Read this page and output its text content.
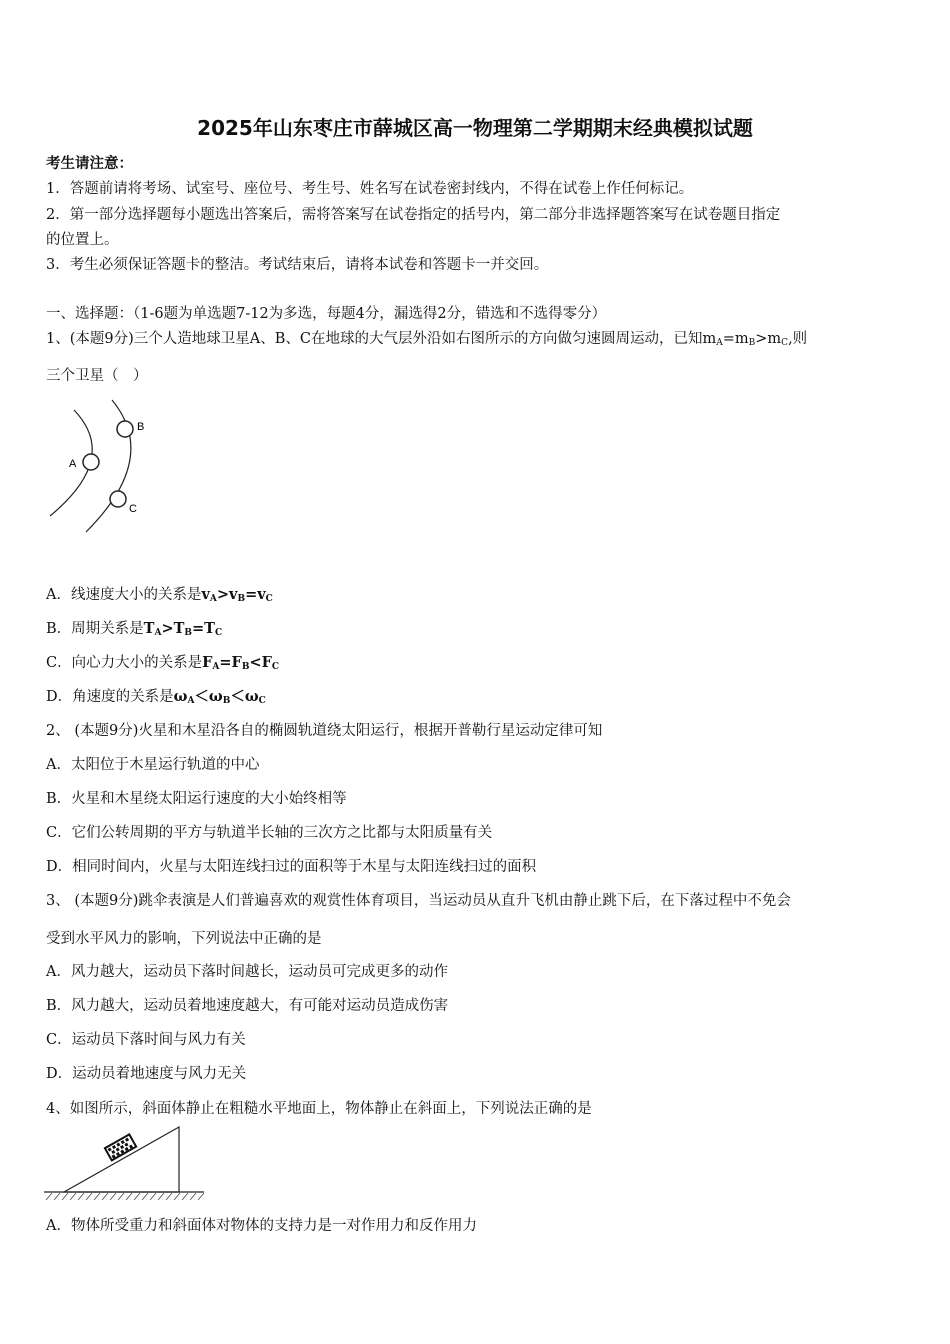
2025年山东枣庄市薛城区高一物理第二学期期末经典模拟试题
考生请注意：
1．答题前请将考场、试室号、座位号、考生号、姓名写在试卷密封线内，不得在试卷上作任何标记。
2．第一部分选择题每小题选出答案后，需将答案写在试卷指定的括号内，第二部分非选择题答案写在试卷题目指定
的位置上。
3．考生必须保证答题卡的整洁。考试结束后，请将本试卷和答题卡一并交回。
一、选择题：（1-6题为单选题7-12为多选，每题4分，漏选得2分，错选和不选得零分）
1、(本题9分)三个人造地球卫星A、B、C在地球的大气层外沿如右图所示的方向做匀速圆周运动，已知$m_A=m_B>m_C$,则
三个卫星（　）
A
B
C
A．线速度大小的关系是$v_A>v_B=v_C$
B．周期关系是$T_A>T_B=T_C$
C．向心力大小的关系是$F_A=F_B<F_C$
D．角速度的关系是$\omega_A<\omega_B<\omega_C$
2、 (本题9分)火星和木星沿各自的椭圆轨道绕太阳运行，根据开普勒行星运动定律可知
A．太阳位于木星运行轨道的中心
B．火星和木星绕太阳运行速度的大小始终相等
C．它们公转周期的平方与轨道半长轴的三次方之比都与太阳质量有关
D．相同时间内，火星与太阳连线扫过的面积等于木星与太阳连线扫过的面积
3、 (本题9分)跳伞表演是人们普遍喜欢的观赏性体育项目，当运动员从直升飞机由静止跳下后，在下落过程中不免会
受到水平风力的影响，下列说法中正确的是
A．风力越大，运动员下落时间越长，运动员可完成更多的动作
B．风力越大，运动员着地速度越大，有可能对运动员造成伤害
C．运动员下落时间与风力有关
D．运动员着地速度与风力无关
4、如图所示，斜面体静止在粗糙水平地面上，物体静止在斜面上，下列说法正确的是
A．物体所受重力和斜面体对物体的支持力是一对作用力和反作用力
